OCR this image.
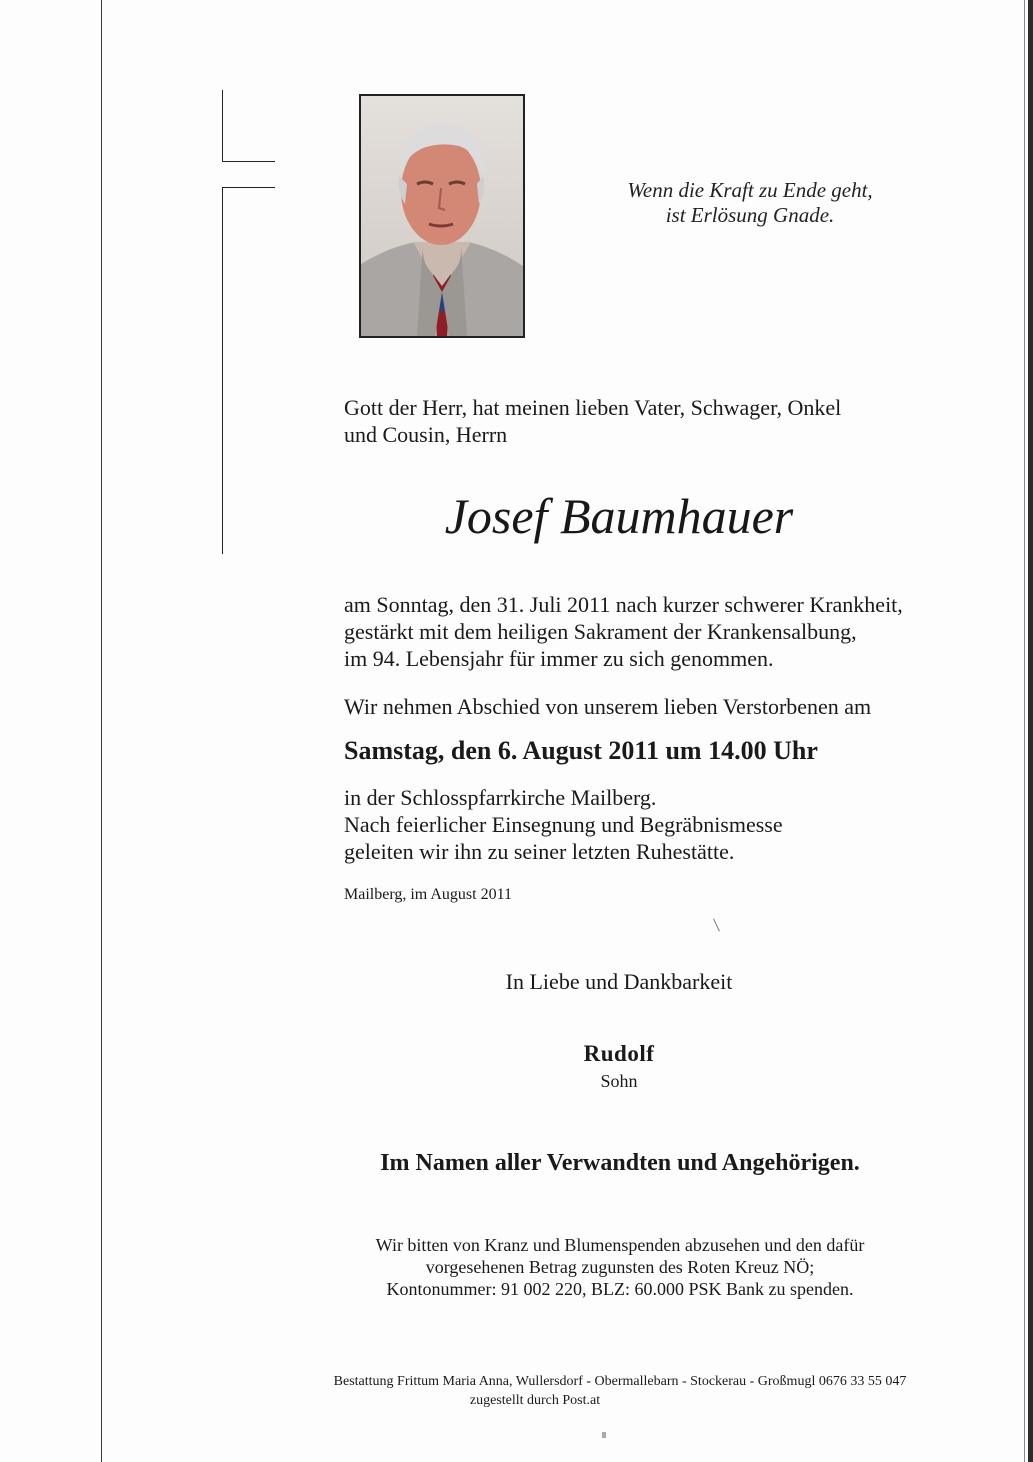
Wenn die Kraft zu Ende geht,
ist Erlösung Gnade.
Gott der Herr, hat meinen lieben Vater, Schwager, Onkel
und Cousin, Herrn
Josef Baumhauer
am Sonntag, den 31. Juli 2011 nach kurzer schwerer Krankheit,
gestärkt mit dem heiligen Sakrament der Krankensalbung,
im 94. Lebensjahr für immer zu sich genommen.
Wir nehmen Abschied von unserem lieben Verstorbenen am
Samstag, den 6. August 2011 um 14.00 Uhr
in der Schlosspfarrkirche Mailberg.
Nach feierlicher Einsegnung und Begräbnismesse
geleiten wir ihn zu seiner letzten Ruhestätte.
Mailberg, im August 2011
In Liebe und Dankbarkeit
Rudolf
Sohn
Im Namen aller Verwandten und Angehörigen.
Wir bitten von Kranz und Blumenspenden abzusehen und den dafür
vorgesehenen Betrag zugunsten des Roten Kreuz NÖ;
Kontonummer: 91 002 220, BLZ: 60.000 PSK Bank zu spenden.
Bestattung Frittum Maria Anna, Wullersdorf - Obermallebarn - Stockerau - Großmugl 0676 33 55 047
zugestellt durch Post.at
